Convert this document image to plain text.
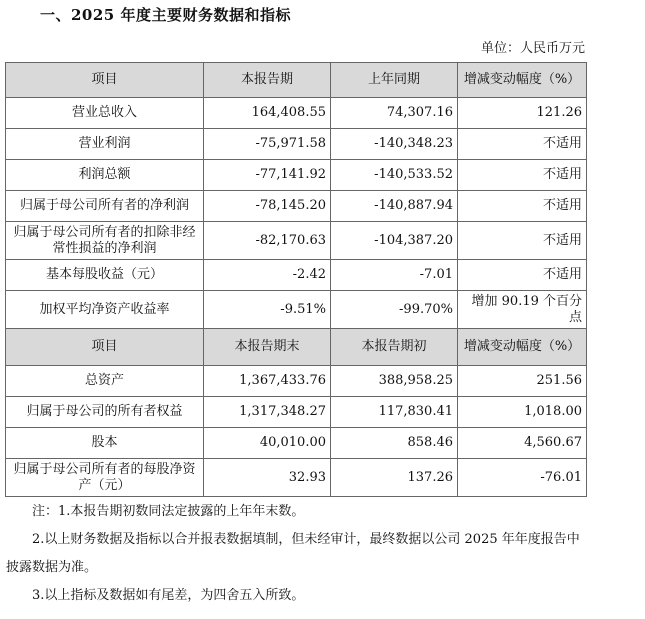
一、2025 年度主要财务数据和指标
单位：人民币万元
项目	本报告期	上年同期	增减变动幅度（%）
营业总收入	164,408.55	74,307.16	121.26
营业利润	-75,971.58	-140,348.23	不适用
利润总额	-77,141.92	-140,533.52	不适用
归属于母公司所有者的净利润	-78,145.20	-140,887.94	不适用
归属于母公司所有者的扣除非经常性损益的净利润	-82,170.63	-104,387.20	不适用
基本每股收益（元）	-2.42	-7.01	不适用
加权平均净资产收益率	-9.51%	-99.70%	增加 90.19 个百分点
项目	本报告期末	本报告期初	增减变动幅度（%）
总资产	1,367,433.76	388,958.25	251.56
归属于母公司的所有者权益	1,317,348.27	117,830.41	1,018.00
股本	40,010.00	858.46	4,560.67
归属于母公司所有者的每股净资产（元）	32.93	137.26	-76.01

注：1.本报告期初数同法定披露的上年年末数。

2.以上财务数据及指标以合并报表数据填制，但未经审计，最终数据以公司 2025 年年度报告中披露数据为准。

3.以上指标及数据如有尾差，为四舍五入所致。
